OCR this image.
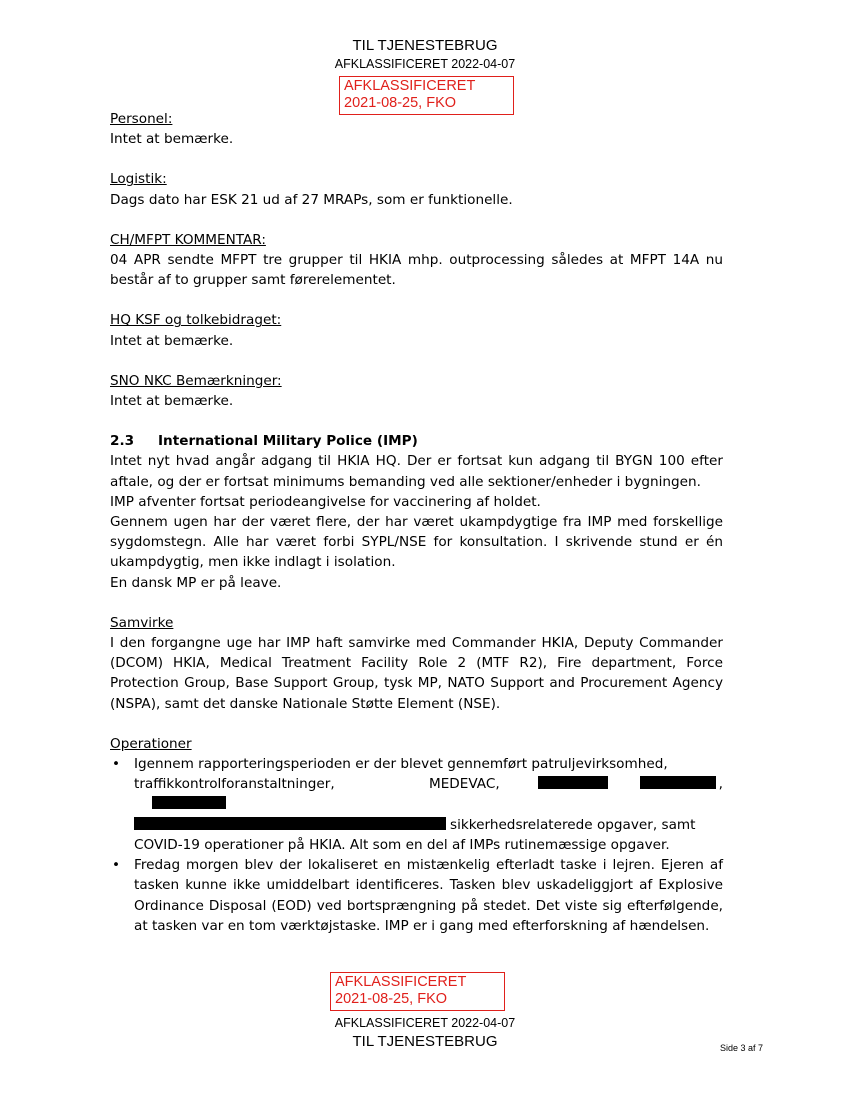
TIL TJENESTEBRUG
AFKLASSIFICERET 2022-04-07
AFKLASSIFICERET
2021-08-25, FKO

Personel:

Intet at bemærke.

Logistik:

Dags dato har ESK 21 ud af 27 MRAPs, som er funktionelle.

CH/MFPT KOMMENTAR:

04 APR sendte MFPT tre grupper til HKIA mhp. outprocessing således at MFPT 14A nu består af to grupper samt førerelementet.

HQ KSF og tolkebidraget:

Intet at bemærke.

SNO NKC Bemærkninger:

Intet at bemærke.

2.3 International Military Police (IMP)

Intet nyt hvad angår adgang til HKIA HQ. Der er fortsat kun adgang til BYGN 100 efter aftale, og der er fortsat minimums bemanding ved alle sektioner/enheder i bygningen.

IMP afventer fortsat periodeangivelse for vaccinering af holdet.

Gennem ugen har der været flere, der har været ukampdygtige fra IMP med forskellige sygdomstegn. Alle har været forbi SYPL/NSE for konsultation. I skrivende stund er én ukampdygtig, men ikke indlagt i isolation.

En dansk MP er på leave.

Samvirke

I den forgangne uge har IMP haft samvirke med Commander HKIA, Deputy Commander (DCOM) HKIA, Medical Treatment Facility Role 2 (MTF R2), Fire department, Force Protection Group, Base Support Group, tysk MP, NATO Support and Procurement Agency (NSPA), samt det danske Nationale Støtte Element (NSE).

Operationer

• Igennem rapporteringsperioden er der blevet gennemført patruljevirksomhed,
traffikkontrolforanstaltninger, MEDEVAC,	,
sikkerhedsrelaterede opgaver, samt
COVID-19 operationer på HKIA. Alt som en del af IMPs rutinemæssige opgaver.
• Fredag morgen blev der lokaliseret en mistænkelig efterladt taske i lejren. Ejeren af tasken kunne ikke umiddelbart identificeres. Tasken blev uskadeliggjort af Explosive Ordinance Disposal (EOD) ved bortsprængning på stedet. Det viste sig efterfølgende, at tasken var en tom værktøjstaske. IMP er i gang med efterforskning af hændelsen.
AFKLASSIFICERET
2021-08-25, FKO
AFKLASSIFICERET 2022-04-07
TIL TJENESTEBRUG	Side 3 af 7
